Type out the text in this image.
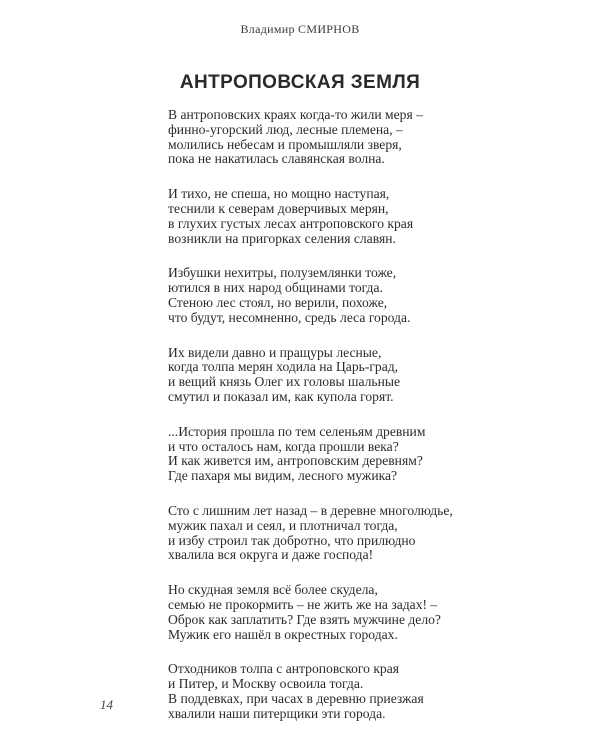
Владимир СМИРНОВ
АНТРОПОВСКАЯ ЗЕМЛЯ
В антроповских краях когда-то жили меря –
финно-угорский люд, лесные племена, –
молились небесам и промышляли зверя,
пока не накатилась славянская волна.
И тихо, не спеша, но мощно наступая,
теснили к северам доверчивых мерян,
в глухих густых лесах антроповского края
возникли на пригорках селения славян.
Избушки нехитры, полуземлянки тоже,
ютился в них народ общинами тогда.
Стеною лес стоял, но верили, похоже,
что будут, несомненно, средь леса города.
Их видели давно и пращуры лесные,
когда толпа мерян ходила на Царь-град,
и вещий князь Олег их головы шальные
смутил и показал им, как купола горят.
...История прошла по тем селеньям древним
и что осталось нам, когда прошли века?
И как живется им, антроповским деревням?
Где пахаря мы видим, лесного мужика?
Сто с лишним лет назад – в деревне многолюдье,
мужик пахал и сеял, и плотничал тогда,
и избу строил так добротно, что прилюдно
хвалила вся округа и даже господа!
Но скудная земля всё более скудела,
семью не прокормить – не жить же на задах! –
Оброк как заплатить? Где взять мужчине дело?
Мужик его нашёл в окрестных городах.
Отходников толпа с антроповского края
и Питер, и Москву освоила тогда.
В поддевках, при часах в деревню приезжая
хвалили наши питерщики эти города.
14
